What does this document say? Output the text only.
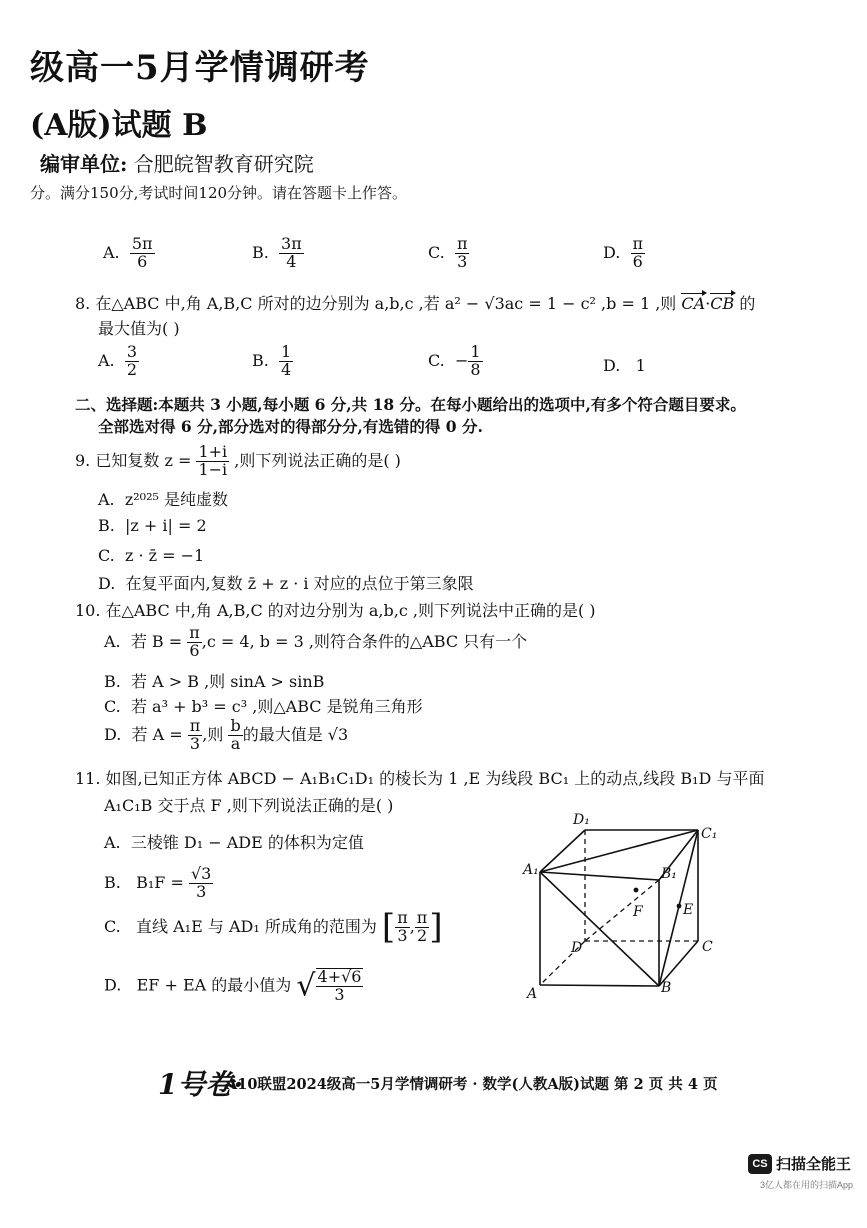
级高一5月学情调研考
(A版)试题 B
编审单位: 合肥皖智教育研究院
分。满分150分,考试时间120分钟。请在答题卡上作答。
A. $\frac{5\pi}{6}$	B. $\frac{3\pi}{4}$	C. $\frac{\pi}{3}$	D. $\frac{\pi}{6}$
8. 在△ABC 中,角 A,B,C 所对的边分别为 a,b,c ,若 a² − √3ac = 1 − c² ,b = 1 ,则 CA·CB 的
最大值为( )
A. $\frac{3}{2}$	B. $\frac{1}{4}$	C. − $\frac{1}{8}$	D. 1
二、选择题:本题共 3 小题,每小题 6 分,共 18 分。在每小题给出的选项中,有多个符合题目要求。
全部选对得 6 分,部分选对的得部分分,有选错的得 0 分.
9. 已知复数 $z = \frac{1+i}{1-i}$ ,则下列说法正确的是( )
A. z²⁰²⁵ 是纯虚数
B. |z + i| = 2
C. z · z̄ = −1
D. 在复平面内,复数 z̄ + z · i 对应的点位于第三象限
10. 在△ABC 中,角 A,B,C 的对边分别为 a,b,c ,则下列说法中正确的是( )
A. 若 $B = \frac{\pi}{6} ,c = 4$, b = 3 ,则符合条件的△ABC 只有一个
B. 若 A > B ,则 sinA > sinB
C. 若 a³ + b³ = c³ ,则△ABC 是锐角三角形
D. 若 $A = \frac{\pi}{3}$ ,则 $\frac{b}{a}$ 的最大值是 √3
11. 如图,已知正方体 ABCD − A₁B₁C₁D₁ 的棱长为 1 ,E 为线段 BC₁ 上的动点,线段 B₁D 与平面
A₁C₁B 交于点 F ,则下列说法正确的是( )
A. 三棱锥 D₁ − ADE 的体积为定值
B. $B_1F = \frac{√3}{3}$
C. 直线 A₁E 与 AD₁ 所成角的范围为 [ $\frac{\pi}{3}$ , $\frac{\pi}{2}$ ]
D. EF + EA 的最小值为 √ $\frac{4+√6}{3}$
D₁
C₁
A₁	B₁
F	E
D	C
A	B
1号卷·
A10联盟2024级高一5月学情调研考 · 数学(人教A版)试题 第 2 页 共 4 页
CS 扫描全能王
3亿人都在用的扫描App
